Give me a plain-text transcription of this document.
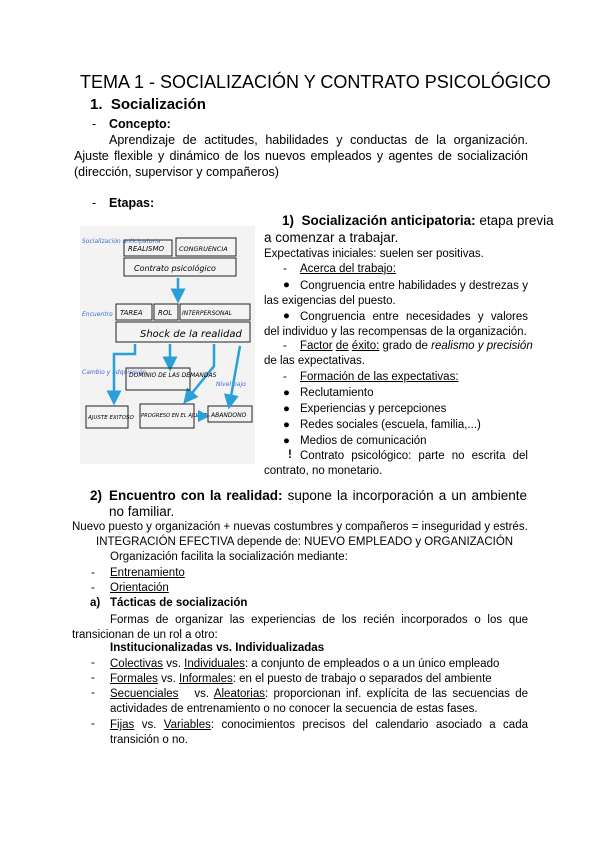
TEMA 1 - SOCIALIZACIÓN Y CONTRATO PSICOLÓGICO
1. Socialización
- Concepto:
Aprendizaje de actitudes, habilidades y conductas de la organización. Ajuste flexible y dinámico de los nuevos empleados y agentes de socialización (dirección, supervisor y compañeros)
- Etapas:
Socialización anticipatoria
Encuentro
Cambio y adquisición
REALISMO CONGRUENCIA
Contrato psicológico
TAREA ROL INTERPERSONAL
Shock de la realidad
DOMINIO DE LAS DEMANDAS
Nivel bajo
AJUSTE EXITOSO PROGRESO EN EL AJUSTE ABANDONO
1) Socialización anticipatoria: etapa previa
a comenzar a trabajar.
Expectativas iniciales: suelen ser positivas.
- Acerca del trabajo:
● Congruencia entre habilidades y destrezas y las exigencias del puesto.
● Congruencia entre necesidades y valores del individuo y las recompensas de la organización.
- Factor de éxito: grado de realismo y precisión
de las expectativas.
- Formación de las expectativas:
● Reclutamiento
● Experiencias y percepciones
● Redes sociales (escuela, familia,...)
● Medios de comunicación
! Contrato psicológico: parte no escrita del contrato, no monetario.
2) Encuentro con la realidad: supone la incorporación a un ambiente no familiar.
Nuevo puesto y organización + nuevas costumbres y compañeros = inseguridad y estrés.
INTEGRACIÓN EFECTIVA depende de: NUEVO EMPLEADO y ORGANIZACIÓN
Organización facilita la socialización mediante:
- Entrenamiento
- Orientación
a) Tácticas de socialización
Formas de organizar las experiencias de los recién incorporados o los que transicionan de un rol a otro:
Institucionalizadas vs. Individualizadas
- Colectivas vs. Individuales: a conjunto de empleados o a un único empleado
- Formales vs. Informales: en el puesto de trabajo o separados del ambiente
- Secuenciales vs. Aleatorias: proporcionan inf. explícita de las secuencias de actividades de entrenamiento o no conocer la secuencia de estas fases.
- Fijas vs. Variables: conocimientos precisos del calendario asociado a cada transición o no.
